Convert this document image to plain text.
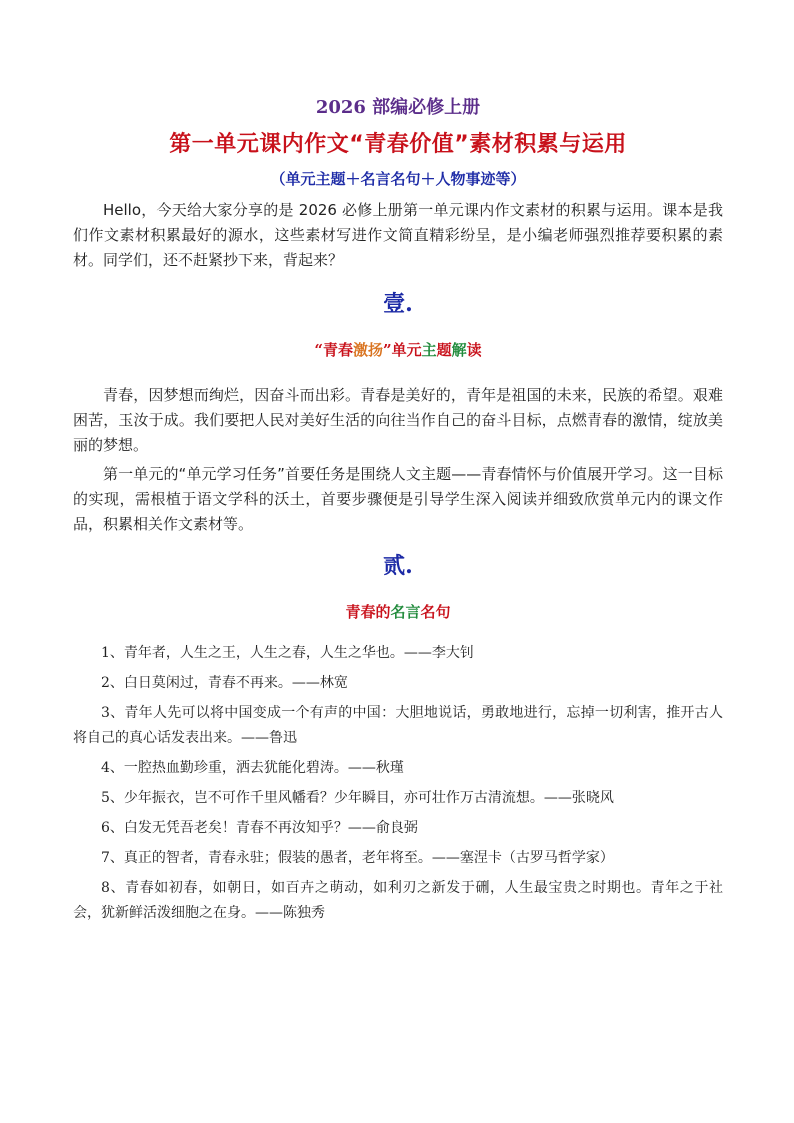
2026 部编必修上册
第一单元课内作文“青春价值”素材积累与运用
（单元主题＋名言名句＋人物事迹等）

Hello，今天给大家分享的是 2026 必修上册第一单元课内作文素材的积累与运用。课本是我们作文素材积累最好的源水，这些素材写进作文简直精彩纷呈，是小编老师强烈推荐要积累的素材。同学们，还不赶紧抄下来，背起来？

壹.
“青春激扬”单元主题解读

青春，因梦想而绚烂，因奋斗而出彩。青春是美好的，青年是祖国的未来，民族的希望。艰难困苦，玉汝于成。我们要把人民对美好生活的向往当作自己的奋斗目标，点燃青春的激情，绽放美丽的梦想。

第一单元的“单元学习任务”首要任务是围绕人文主题——青春情怀与价值展开学习。这一目标的实现，需根植于语文学科的沃土，首要步骤便是引导学生深入阅读并细致欣赏单元内的课文作品，积累相关作文素材等。

贰.
青春的名言名句
1、青年者，人生之王，人生之春，人生之华也。——李大钊
2、白日莫闲过，青春不再来。——林宽
3、青年人先可以将中国变成一个有声的中国：大胆地说话，勇敢地进行，忘掉一切利害，推开古人将自己的真心话发表出来。——鲁迅
4、一腔热血勤珍重，洒去犹能化碧涛。——秋瑾
5、少年振衣，岂不可作千里风幡看？少年瞬目，亦可壮作万古清流想。——张晓风
6、白发无凭吾老矣！青春不再汝知乎？——俞良弼
7、真正的智者，青春永驻；假装的愚者，老年将至。——塞涅卡（古罗马哲学家）
8、青春如初春，如朝日，如百卉之萌动，如利刃之新发于硎，人生最宝贵之时期也。青年之于社会，犹新鲜活泼细胞之在身。——陈独秀
